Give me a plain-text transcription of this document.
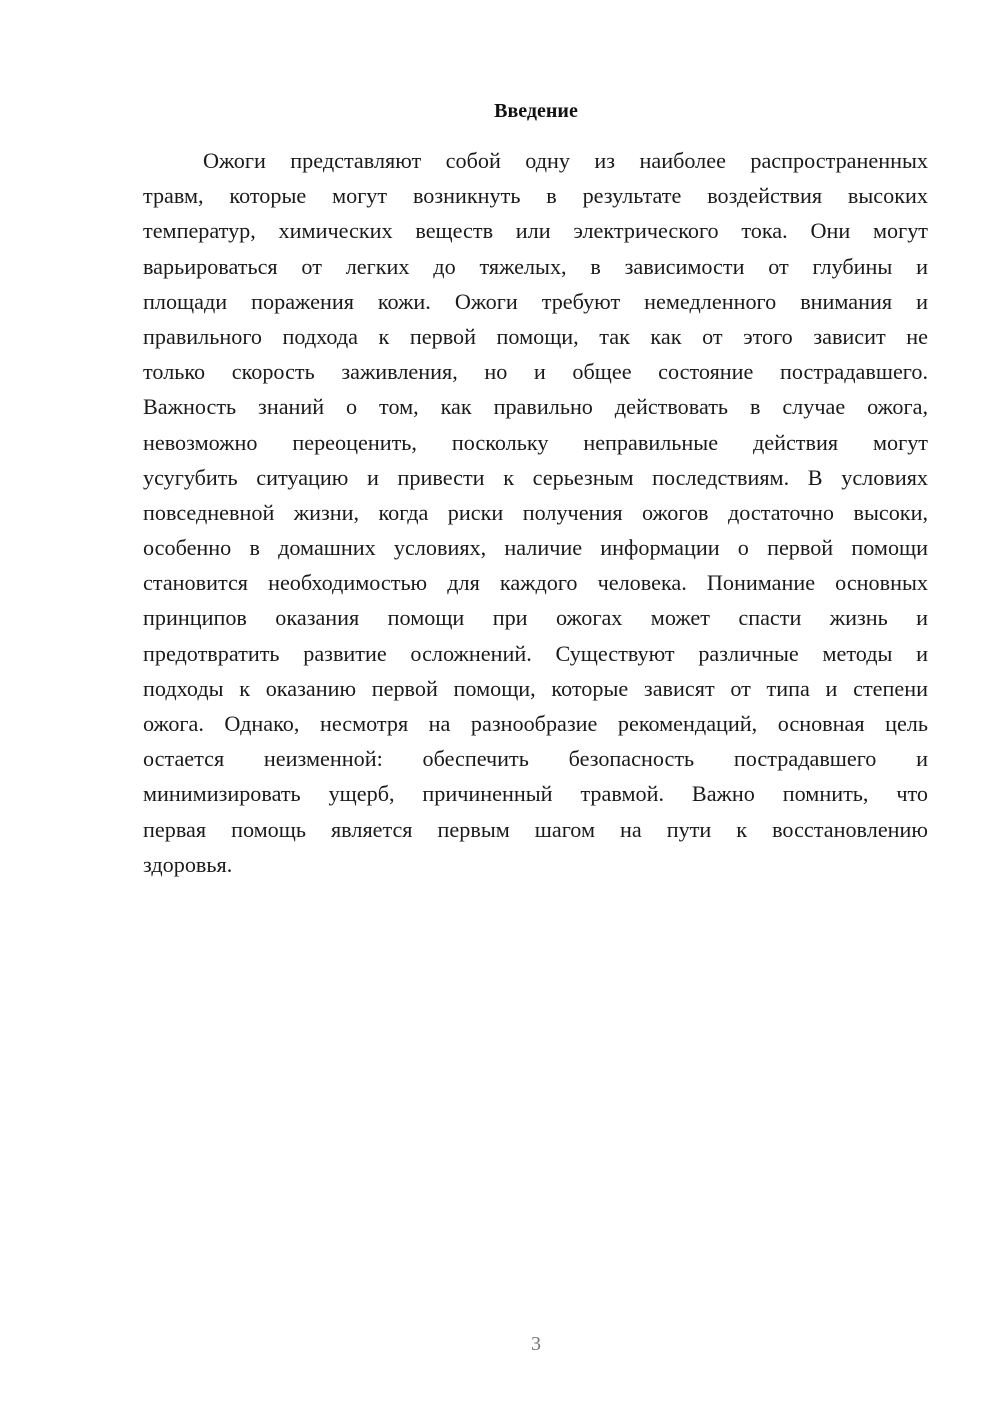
Введение
Ожоги представляют собой одну из наиболее распространенных
травм, которые могут возникнуть в результате воздействия высоких
температур, химических веществ или электрического тока. Они могут
варьироваться от легких до тяжелых, в зависимости от глубины и
площади поражения кожи. Ожоги требуют немедленного внимания и
правильного подхода к первой помощи, так как от этого зависит не
только скорость заживления, но и общее состояние пострадавшего.
Важность знаний о том, как правильно действовать в случае ожога,
невозможно переоценить, поскольку неправильные действия могут
усугубить ситуацию и привести к серьезным последствиям. В условиях
повседневной жизни, когда риски получения ожогов достаточно высоки,
особенно в домашних условиях, наличие информации о первой помощи
становится необходимостью для каждого человека. Понимание основных
принципов оказания помощи при ожогах может спасти жизнь и
предотвратить развитие осложнений. Существуют различные методы и
подходы к оказанию первой помощи, которые зависят от типа и степени
ожога. Однако, несмотря на разнообразие рекомендаций, основная цель
остается неизменной: обеспечить безопасность пострадавшего и
минимизировать ущерб, причиненный травмой. Важно помнить, что
первая помощь является первым шагом на пути к восстановлению
здоровья.
3
